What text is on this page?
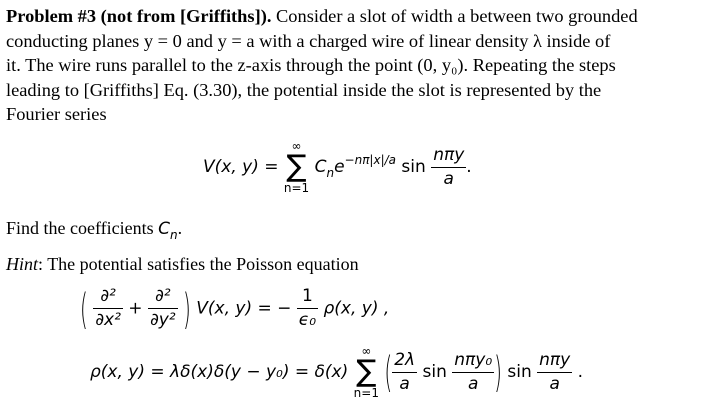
Problem #3 (not from [Griffiths]). Consider a slot of width a between two grounded
conducting planes y = 0 and y = a with a charged wire of linear density λ inside of
it. The wire runs parallel to the z-axis through the point (0, y₀). Repeating the steps
leading to [Griffiths] Eq. (3.30), the potential inside the slot is represented by the
Fourier series
V(x, y) =
∞
∑
n=1
$C_ne^{-n\pi|x|/a}$ $\sin \frac{\text{nπy}}{a}$ .
Find the coefficients $C_n$.
Hint: The potential satisfies the Poisson equation
( $\frac{\text{∂²}}{\text{∂x²}} + \frac{\text{∂²}}{\text{∂y²}}$ ) V(x, y) = − $\frac{1}{\text{ϵ₀}} \rho(x$, y) ,
ρ(x, y) = λδ(x)δ(y − y₀) = δ(x)
∞
∑
n=1 ( $\frac{2\lambda}{a}$ $\sin \frac{\text{nπy₀}}{a}$ ) $\sin \frac{\text{nπy}}{a}$ .
